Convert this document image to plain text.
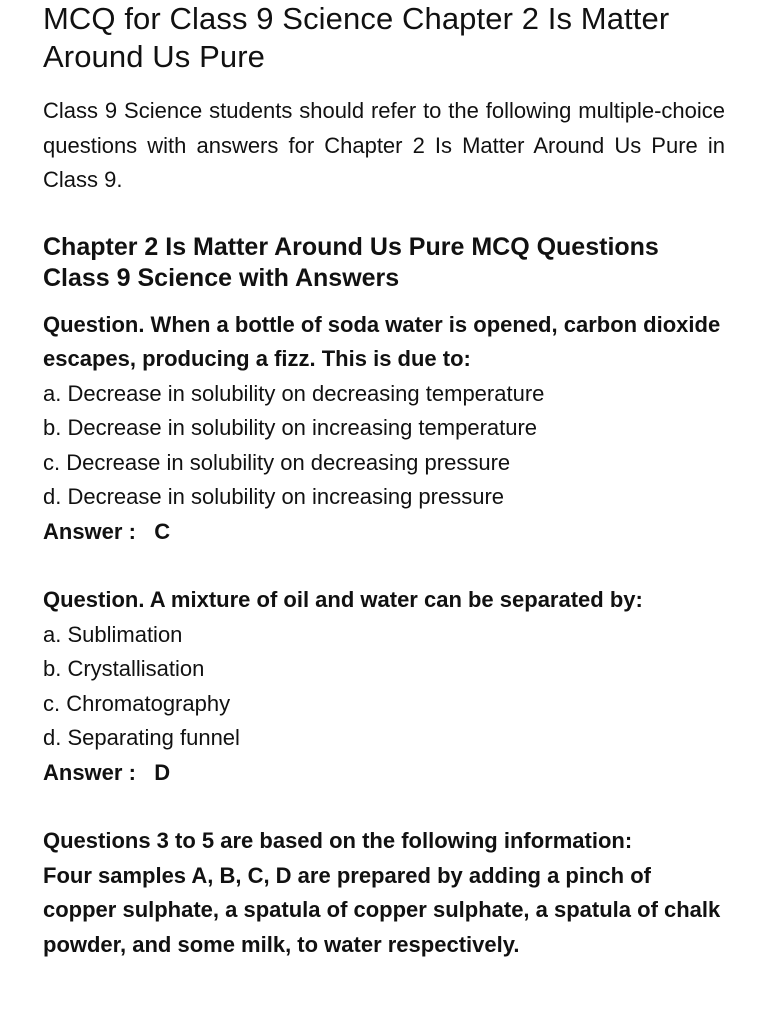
MCQ for Class 9 Science Chapter 2 Is Matter Around Us Pure

Class 9 Science students should refer to the following multiple-choice questions with answers for Chapter 2 Is Matter Around Us Pure in Class 9.

Chapter 2 Is Matter Around Us Pure MCQ Questions Class 9 Science with Answers

Question. When a bottle of soda water is opened, carbon dioxide escapes, producing a fizz. This is due to:

a. Decrease in solubility on decreasing temperature
b. Decrease in solubility on increasing temperature
c. Decrease in solubility on decreasing pressure
d. Decrease in solubility on increasing pressure

Answer :   C

Question. A mixture of oil and water can be separated by:

a. Sublimation
b. Crystallisation
c. Chromatography
d. Separating funnel

Answer :   D

Questions 3 to 5 are based on the following information:

Four samples A, B, C, D are prepared by adding a pinch of copper sulphate, a spatula of copper sulphate, a spatula of chalk powder, and some milk, to water respectively.
